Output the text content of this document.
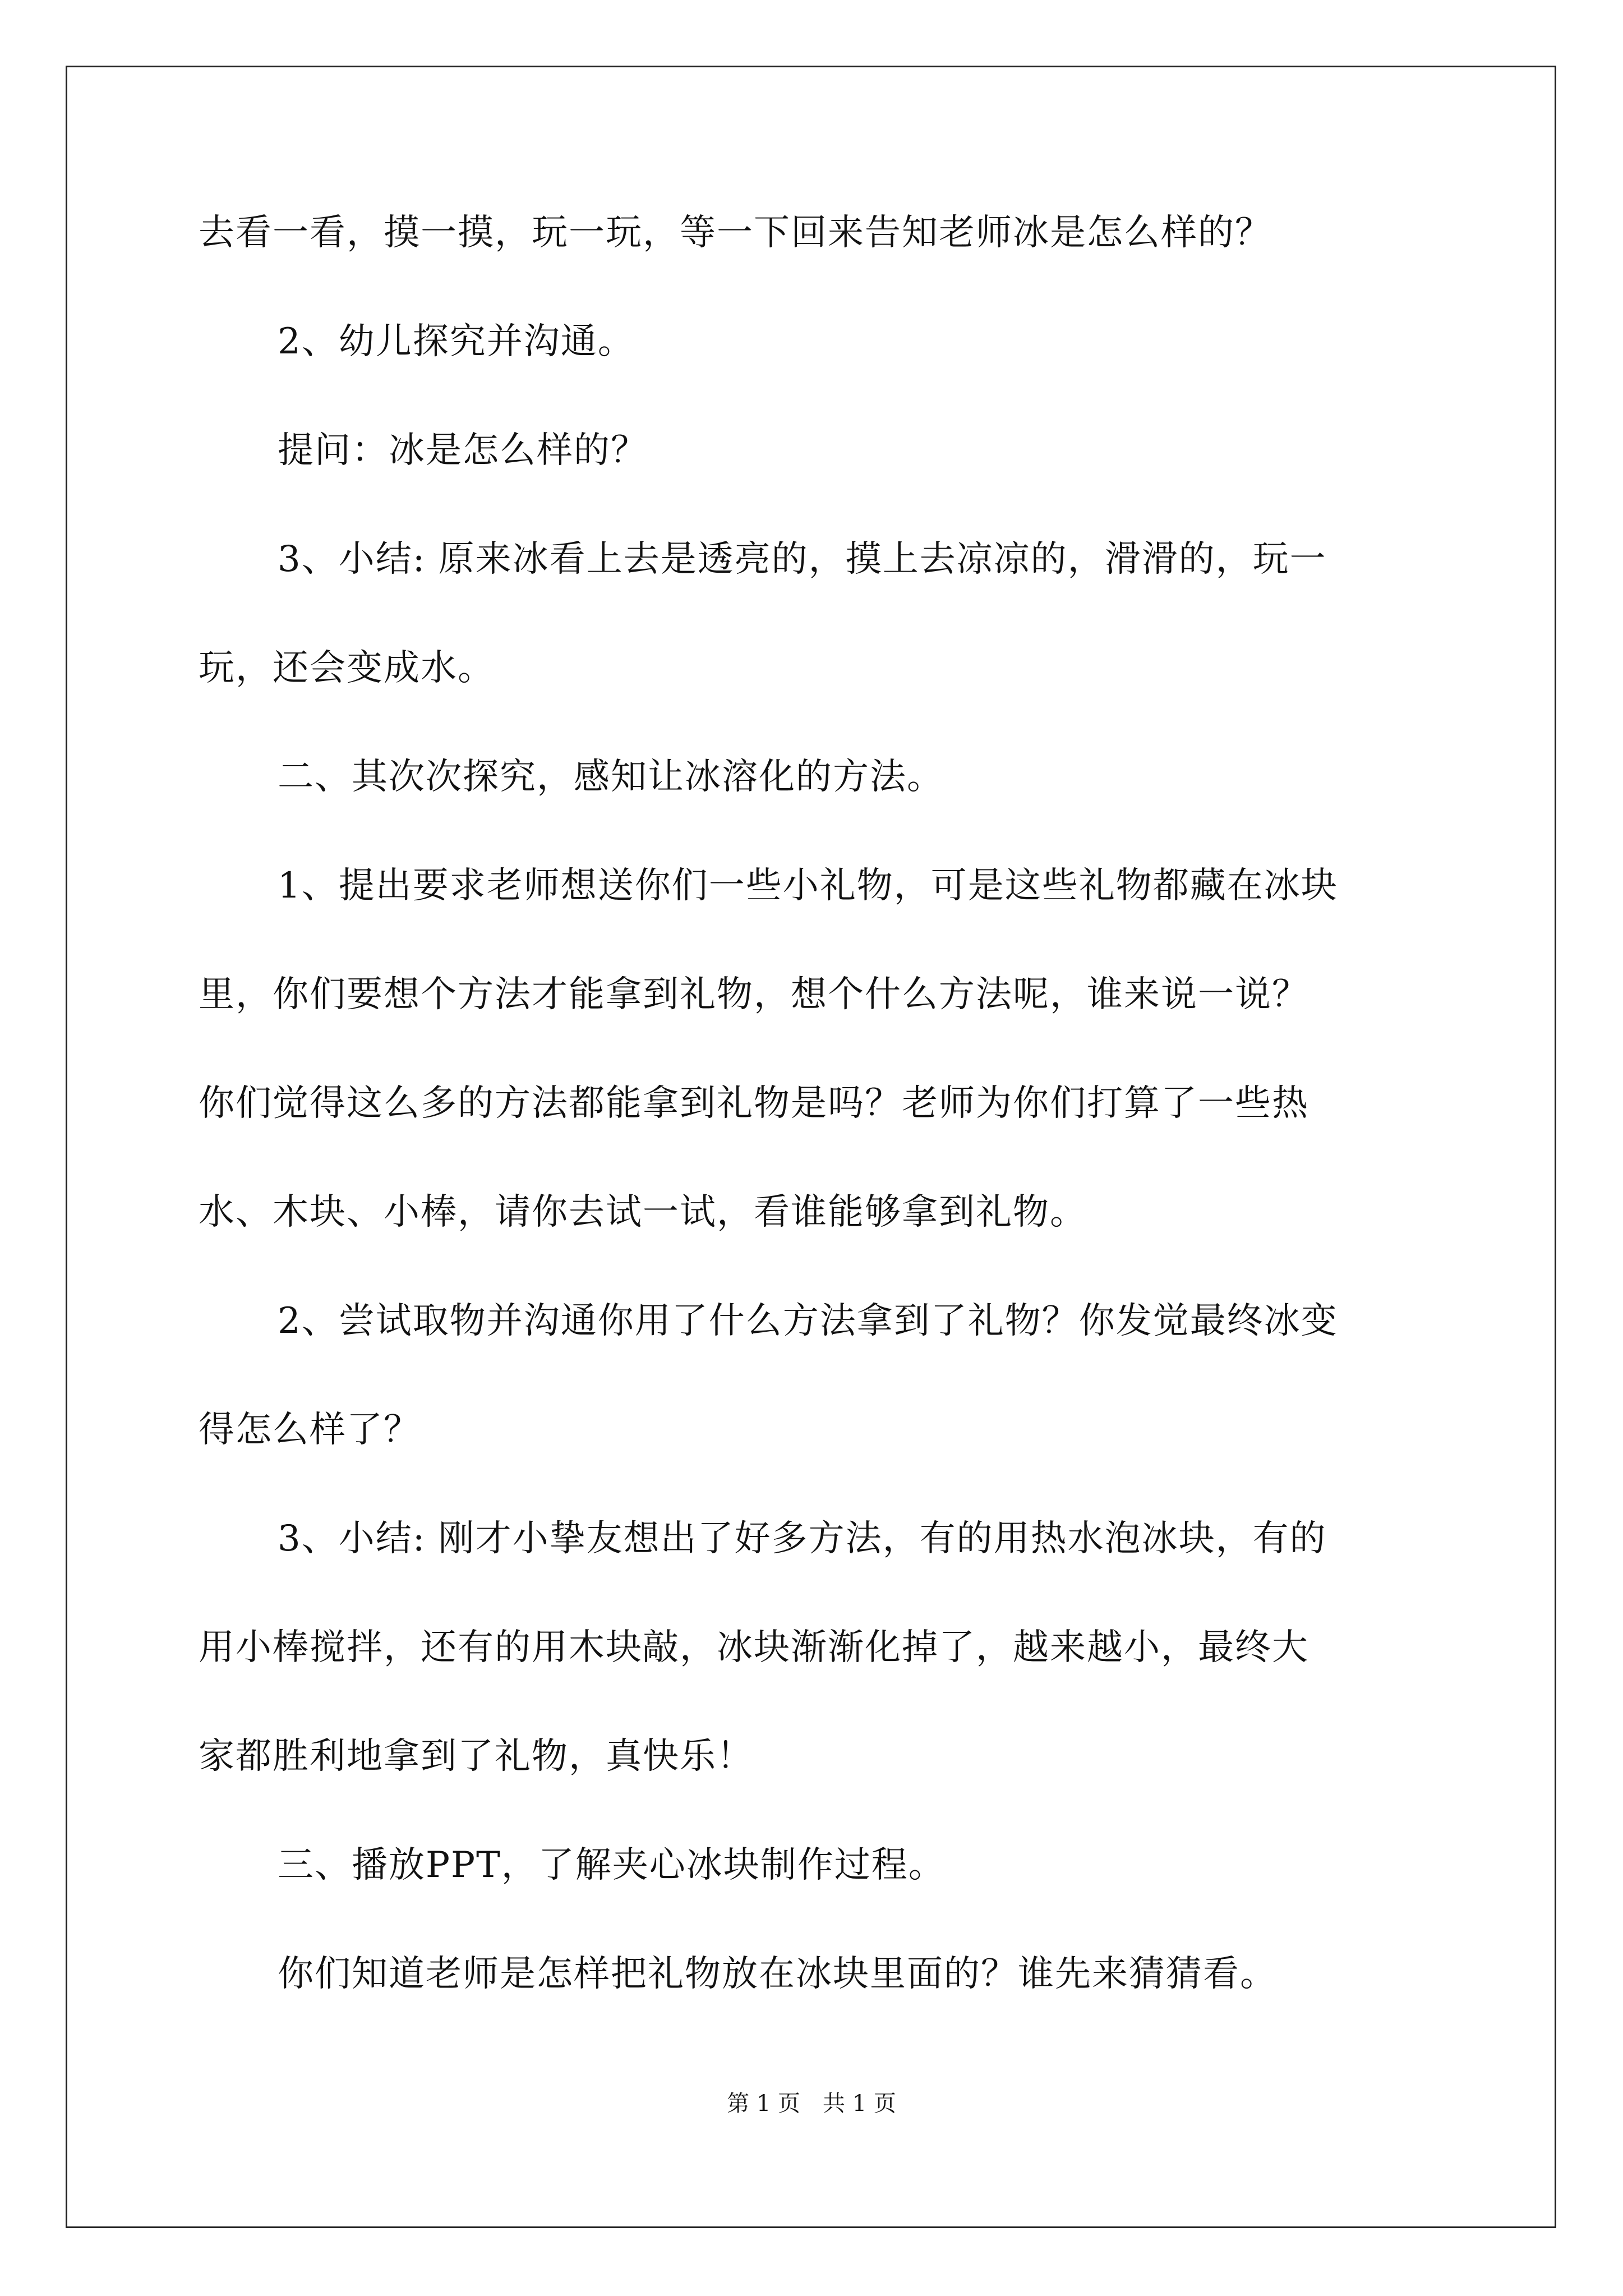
去看一看，摸一摸，玩一玩，等一下回来告知老师冰是怎么样的？
2、幼儿探究并沟通。
提问：冰是怎么样的？
3、小结: 原来冰看上去是透亮的，摸上去凉凉的，滑滑的，玩一
玩，还会变成水。
二、其次次探究，感知让冰溶化的方法。
1、提出要求老师想送你们一些小礼物，可是这些礼物都藏在冰块
里，你们要想个方法才能拿到礼物，想个什么方法呢，谁来说一说？
你们觉得这么多的方法都能拿到礼物是吗？老师为你们打算了一些热
水、木块、小棒，请你去试一试，看谁能够拿到礼物。
2、尝试取物并沟通你用了什么方法拿到了礼物？你发觉最终冰变
得怎么样了？
3、小结: 刚才小挚友想出了好多方法，有的用热水泡冰块，有的
用小棒搅拌，还有的用木块敲，冰块渐渐化掉了，越来越小，最终大
家都胜利地拿到了礼物，真快乐！
三、播放PPT，了解夹心冰块制作过程。
你们知道老师是怎样把礼物放在冰块里面的？谁先来猜猜看。
第 1 页　共 1 页
